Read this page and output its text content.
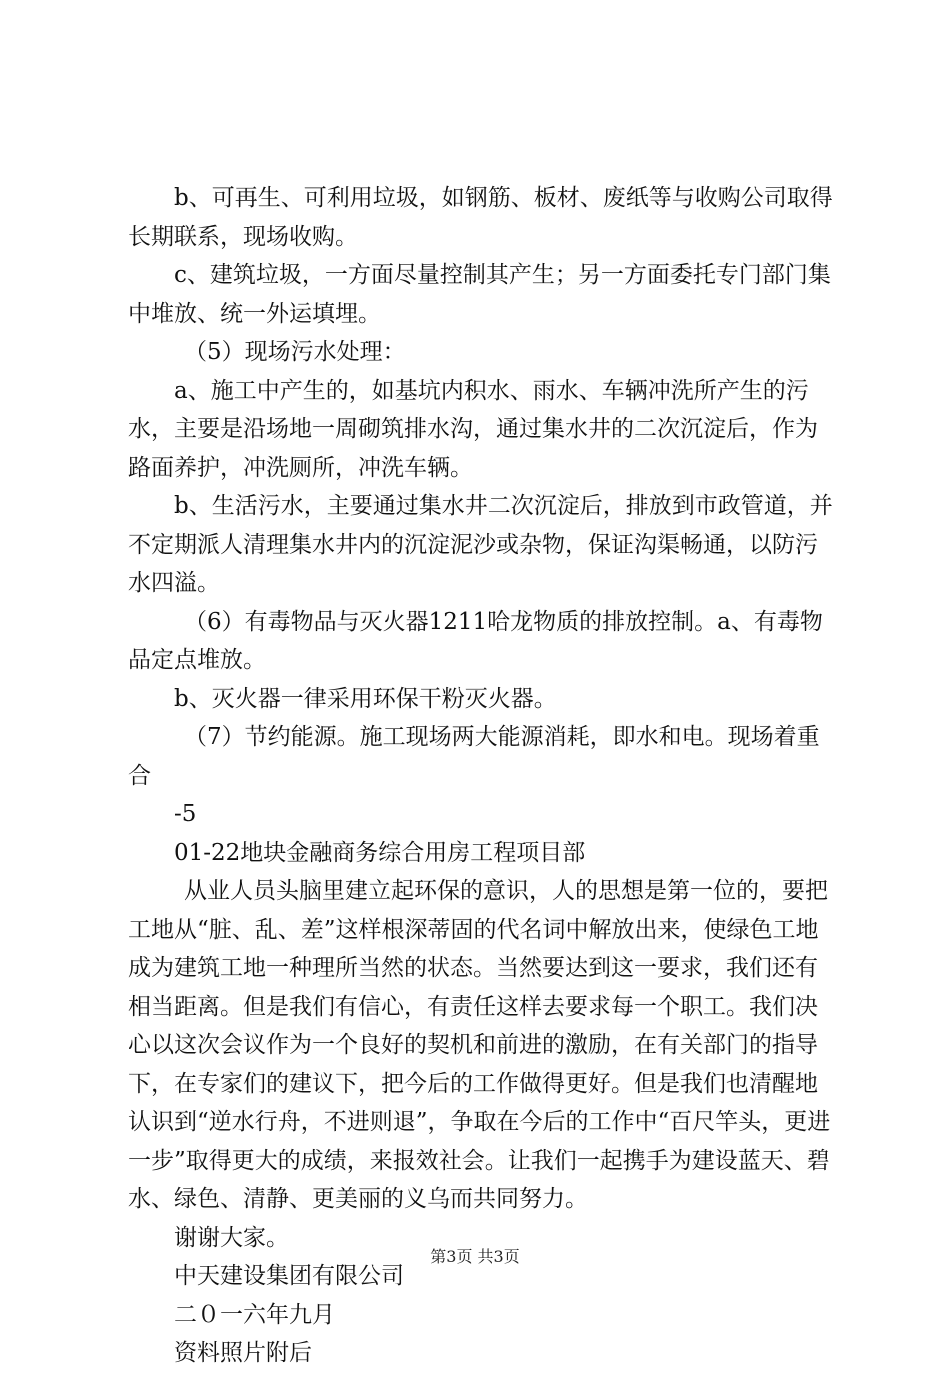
b、可再生、可利用垃圾，如钢筋、板材、废纸等与收购公司取得长期联系，现场收购。

c、建筑垃圾，一方面尽量控制其产生；另一方面委托专门部门集中堆放、统一外运填埋。

（5）现场污水处理：

a、施工中产生的，如基坑内积水、雨水、车辆冲洗所产生的污水，主要是沿场地一周砌筑排水沟，通过集水井的二次沉淀后，作为路面养护，冲洗厕所，冲洗车辆。

b、生活污水，主要通过集水井二次沉淀后，排放到市政管道，并不定期派人清理集水井内的沉淀泥沙或杂物，保证沟渠畅通，以防污水四溢。

（6）有毒物品与灭火器1211哈龙物质的排放控制。a、有毒物品定点堆放。

b、灭火器一律采用环保干粉灭火器。

（7）节约能源。施工现场两大能源消耗，即水和电。现场着重合

-5

01-22地块金融商务综合用房工程项目部

从业人员头脑里建立起环保的意识，人的思想是第一位的，要把工地从“脏、乱、差”这样根深蒂固的代名词中解放出来，使绿色工地成为建筑工地一种理所当然的状态。当然要达到这一要求，我们还有相当距离。但是我们有信心，有责任这样去要求每一个职工。我们决心以这次会议作为一个良好的契机和前进的激励，在有关部门的指导下，在专家们的建议下，把今后的工作做得更好。但是我们也清醒地认识到“逆水行舟，不进则退”，争取在今后的工作中“百尺竿头，更进一步”取得更大的成绩，来报效社会。让我们一起携手为建设蓝天、碧水、绿色、清静、更美丽的义乌而共同努力。

谢谢大家。

中天建设集团有限公司

二０一六年九月

资料照片附后

第3页 共3页
